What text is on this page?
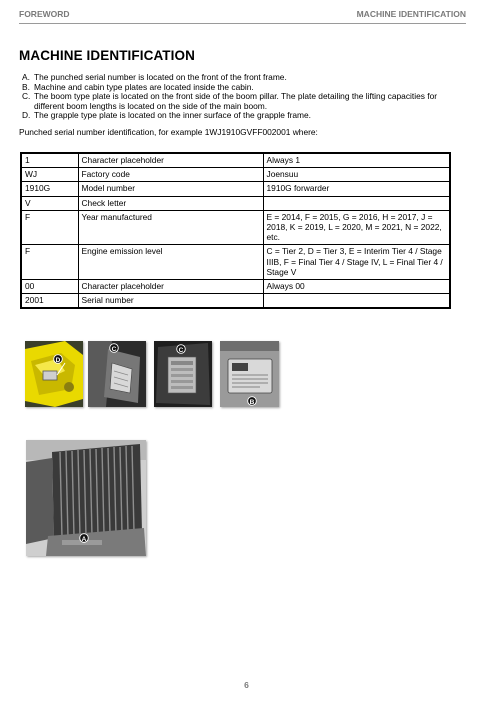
FOREWORD	MACHINE IDENTIFICATION
MACHINE IDENTIFICATION
A. The punched serial number is located on the front of the front frame.
B. Machine and cabin type plates are located inside the cabin.
C. The boom type plate is located on the front side of the boom pillar. The plate detailing the lifting capacities for different boom lengths is located on the side of the main boom.
D. The grapple type plate is located on the inner surface of the grapple frame.

Punched serial number identification, for example 1WJ1910GVFF002001 where:

1	Character placeholder	Always 1
WJ	Factory code	Joensuu
1910G	Model number	1910G forwarder
V	Check letter	
F	Year manufactured	E = 2014, F = 2015, G = 2016, H = 2017, J = 2018, K = 2019, L = 2020, M = 2021, N = 2022, etc.
F	Engine emission level	C = Tier 2, D = Tier 3, E = Interim Tier 4 / Stage IIIB, F = Final Tier 4 / Stage IV, L = Final Tier 4 / Stage V
00	Character placeholder	Always 00
2001	Serial number	
D
C	C
B
A
6
